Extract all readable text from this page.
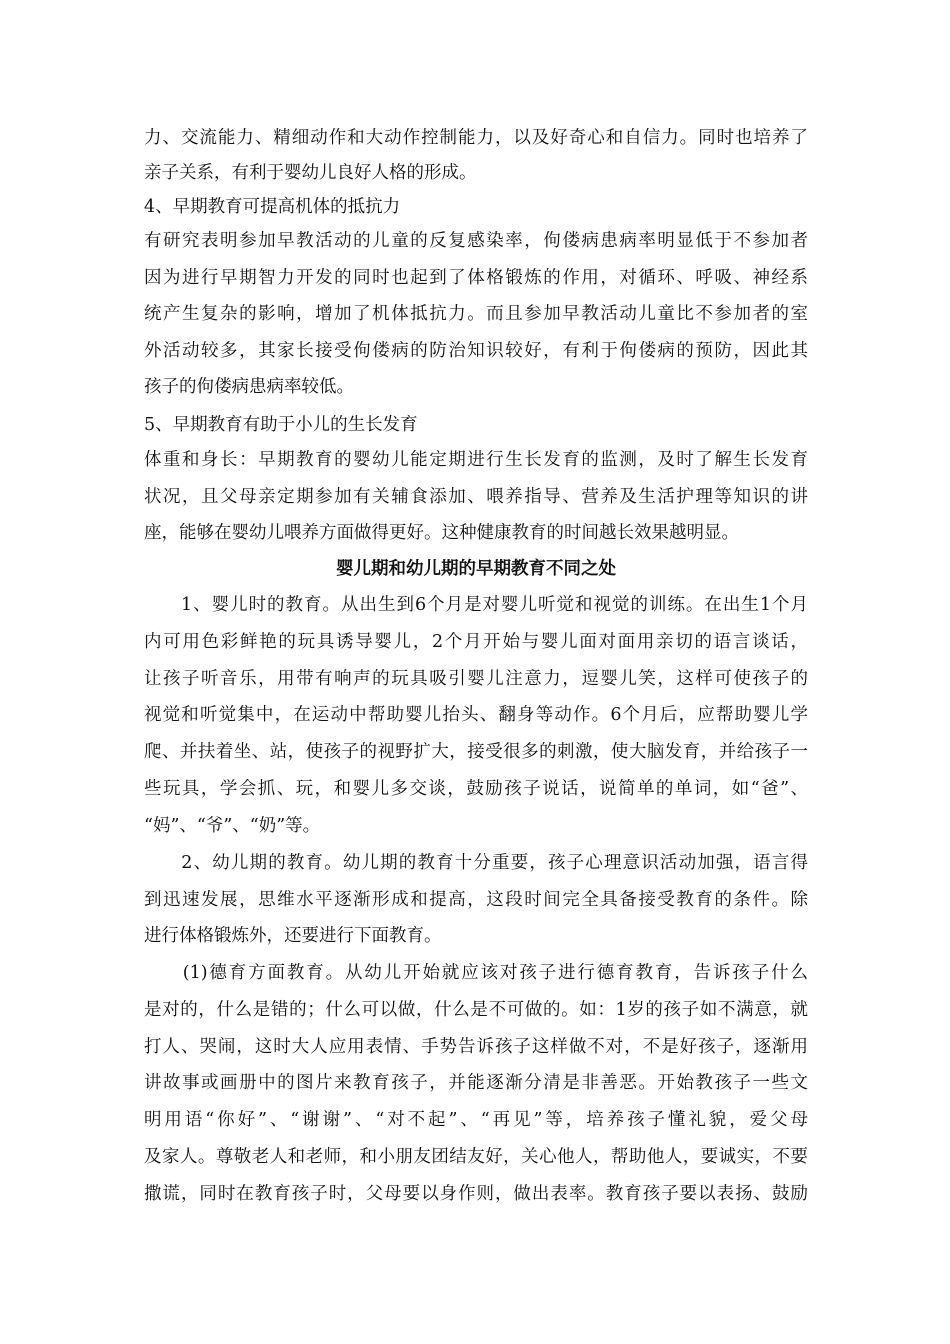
力、交流能力、精细动作和大动作控制能力，以及好奇心和自信力。同时也培养了
亲子关系，有利于婴幼儿良好人格的形成。
4、早期教育可提高机体的抵抗力
有研究表明参加早教活动的儿童的反复感染率，佝偻病患病率明显低于不参加者
因为进行早期智力开发的同时也起到了体格锻炼的作用，对循环、呼吸、神经系
统产生复杂的影响，增加了机体抵抗力。而且参加早教活动儿童比不参加者的室
外活动较多，其家长接受佝偻病的防治知识较好，有利于佝偻病的预防，因此其
孩子的佝偻病患病率较低。
5、早期教育有助于小儿的生长发育
体重和身长：早期教育的婴幼儿能定期进行生长发育的监测，及时了解生长发育
状况，且父母亲定期参加有关辅食添加、喂养指导、营养及生活护理等知识的讲
座，能够在婴幼儿喂养方面做得更好。这种健康教育的时间越长效果越明显。
婴儿期和幼儿期的早期教育不同之处
　　1、婴儿时的教育。从出生到6个月是对婴儿听觉和视觉的训练。在出生1个月
内可用色彩鲜艳的玩具诱导婴儿，2个月开始与婴儿面对面用亲切的语言谈话，
让孩子听音乐，用带有响声的玩具吸引婴儿注意力，逗婴儿笑，这样可使孩子的
视觉和听觉集中，在运动中帮助婴儿抬头、翻身等动作。6个月后，应帮助婴儿学
爬、并扶着坐、站，使孩子的视野扩大，接受很多的刺激，使大脑发育，并给孩子一
些玩具，学会抓、玩，和婴儿多交谈，鼓励孩子说话，说简单的单词，如“爸”、
“妈”、“爷”、“奶”等。
　　2、幼儿期的教育。幼儿期的教育十分重要，孩子心理意识活动加强，语言得
到迅速发展，思维水平逐渐形成和提高，这段时间完全具备接受教育的条件。除
进行体格锻炼外，还要进行下面教育。
　　(1)德育方面教育。从幼儿开始就应该对孩子进行德育教育，告诉孩子什么
是对的，什么是错的；什么可以做，什么是不可做的。如：1岁的孩子如不满意，就
打人、哭闹，这时大人应用表情、手势告诉孩子这样做不对，不是好孩子，逐渐用
讲故事或画册中的图片来教育孩子，并能逐渐分清是非善恶。开始教孩子一些文
明用语“你好”、“谢谢”、“对不起”、“再见”等，培养孩子懂礼貌，爱父母
及家人。尊敬老人和老师，和小朋友团结友好，关心他人，帮助他人，要诚实，不要
撒谎，同时在教育孩子时，父母要以身作则，做出表率。教育孩子要以表扬、鼓励
